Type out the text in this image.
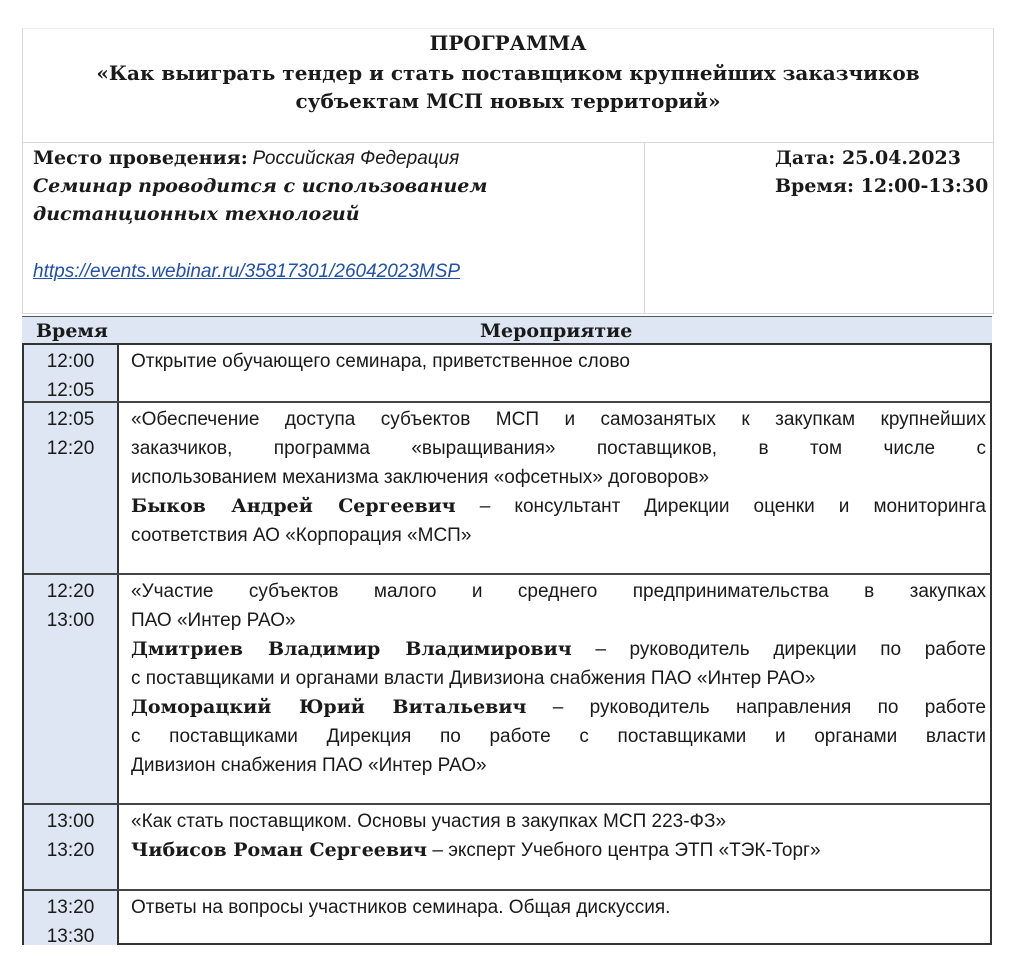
ПРОГРАММА
«Как выиграть тендер и стать поставщиком крупнейших заказчиков
субъектам МСП новых территорий»
Место проведения: Российская Федерация
Семинар проводится с использованием
дистанционных технологий
https://events.webinar.ru/35817301/26042023MSP
Дата: 25.04.2023
Время: 12:00-13:30
Время	Мероприятие
12:00
12:05
Открытие обучающего семинара, приветственное слово
12:05
12:20
«Обеспечение доступа субъектов МСП и самозанятых к закупкам крупнейших
заказчиков, программа «выращивания» поставщиков, в том числе с
использованием механизма заключения «офсетных» договоров»
Быков Андрей Сергеевич – консультант Дирекции оценки и мониторинга
соответствия АО «Корпорация «МСП»
12:20
13:00
«Участие субъектов малого и среднего предпринимательства в закупках
ПАО «Интер РАО»
Дмитриев Владимир Владимирович – руководитель дирекции по работе
с поставщиками и органами власти Дивизиона снабжения ПАО «Интер РАО»
Доморацкий Юрий Витальевич – руководитель направления по работе
с поставщиками Дирекция по работе с поставщиками и органами власти
Дивизион снабжения ПАО «Интер РАО»
13:00
13:20
«Как стать поставщиком. Основы участия в закупках МСП 223-ФЗ»
Чибисов Роман Сергеевич – эксперт Учебного центра ЭТП «ТЭК-Торг»
13:20
13:30
Ответы на вопросы участников семинара. Общая дискуссия.
